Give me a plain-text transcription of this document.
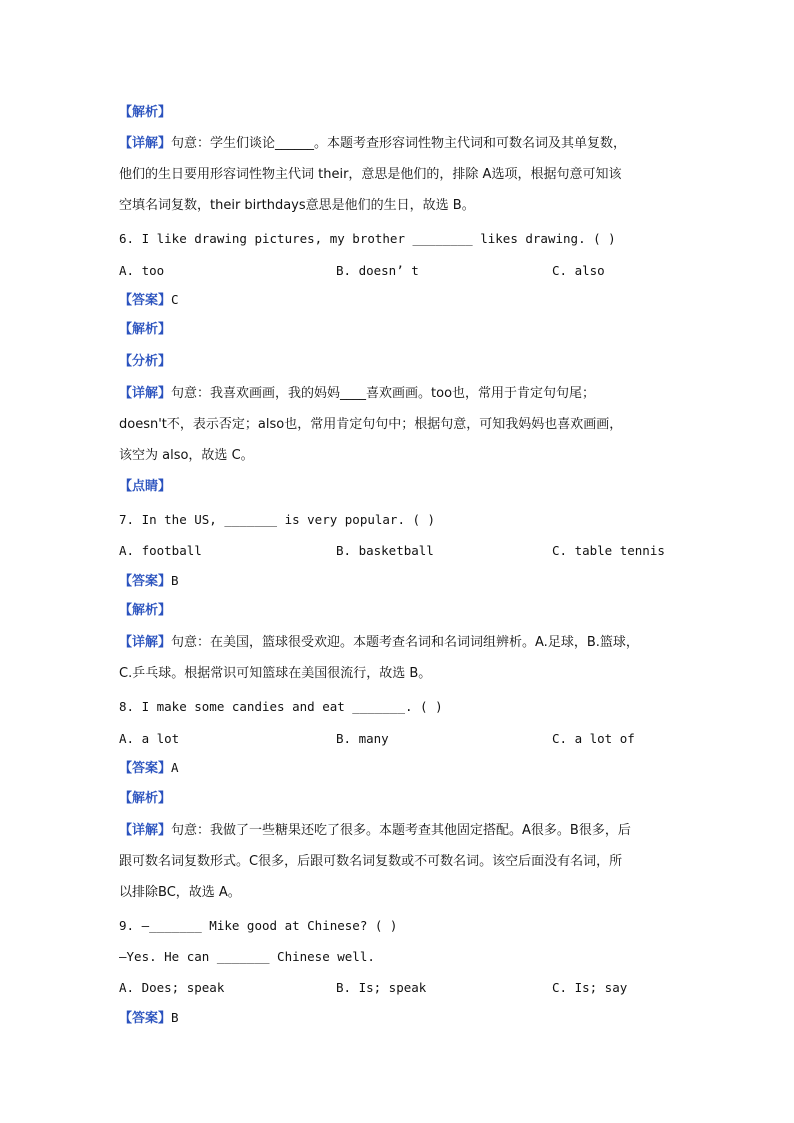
【解析】
【详解】句意：学生们谈论______。本题考查形容词性物主代词和可数名词及其单复数，
他们的生日要用形容词性物主代词 their，意思是他们的，排除 A选项，根据句意可知该
空填名词复数，their birthdays意思是他们的生日，故选 B。
6. I like drawing pictures, my brother ________ likes drawing. ( )
A. too	B. doesn’ t	C. also
【答案】C
【解析】
【分析】
【详解】句意：我喜欢画画，我的妈妈____喜欢画画。too也，常用于肯定句句尾；
doesn't不，表示否定；also也，常用肯定句句中；根据句意，可知我妈妈也喜欢画画，
该空为 also，故选 C。
【点睛】
7. In the US, _______ is very popular. ( )
A. football	B. basketball	C. table tennis
【答案】B
【解析】
【详解】句意：在美国，篮球很受欢迎。本题考查名词和名词词组辨析。A.足球，B.篮球，
C.乒乓球。根据常识可知篮球在美国很流行，故选 B。
8. I make some candies and eat _______. ( )
A. a lot	B. many	C. a lot of
【答案】A
【解析】
【详解】句意：我做了一些糖果还吃了很多。本题考查其他固定搭配。A很多。B很多，后
跟可数名词复数形式。C很多，后跟可数名词复数或不可数名词。该空后面没有名词，所
以排除BC，故选 A。
9. —_______ Mike good at Chinese? ( )
—Yes. He can _______ Chinese well.
A. Does; speak	B. Is; speak	C. Is; say
【答案】B
